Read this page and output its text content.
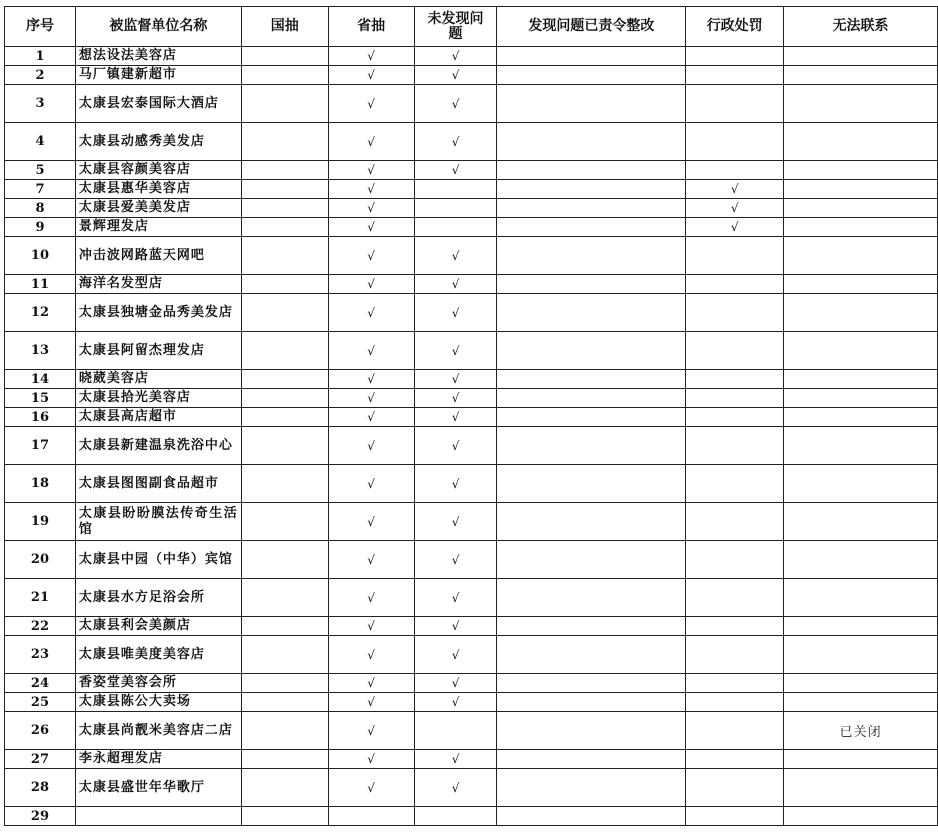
序号	被监督单位名称	国抽	省抽	未发现问题	发现问题已责令整改	行政处罚	无法联系
1	想法设法美容店		√	√			
2	马厂镇建新超市		√	√			
3	太康县宏泰国际大酒店		√	√			
4	太康县动感秀美发店		√	√			
5	太康县容颜美容店		√	√			
7	太康县惠华美容店		√			√	
8	太康县爱美美发店		√			√	
9	景辉理发店		√			√	
10	冲击波网路蓝天网吧		√	√			
11	海洋名发型店		√	√			
12	太康县独塘金品秀美发店		√	√			
13	太康县阿留杰理发店		√	√			
14	晓葳美容店		√	√			
15	太康县拾光美容店		√	√			
16	太康县高店超市		√	√			
17	太康县新建温泉洗浴中心		√	√			
18	太康县图图副食品超市		√	√			
19	太康县盼盼膜法传奇生活馆		√	√			
20	太康县中园（中华）宾馆		√	√			
21	太康县水方足浴会所		√	√			
22	太康县利会美颜店		√	√			
23	太康县唯美度美容店		√	√			
24	香姿堂美容会所		√	√			
25	太康县陈公大卖场		√	√			
26	太康县尚靓米美容店二店		√				已关闭
27	李永超理发店		√	√			
28	太康县盛世年华歌厅		√	√			
29							
